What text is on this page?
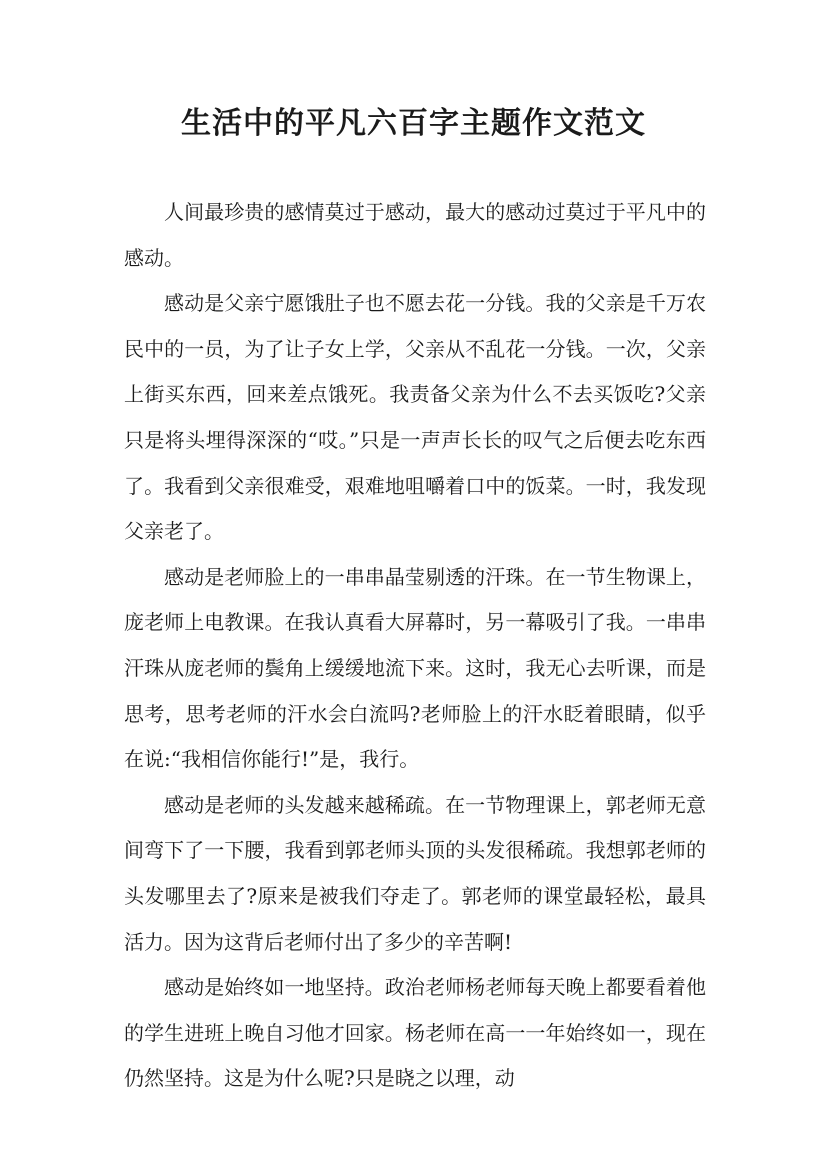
生活中的平凡六百字主题作文范文

人间最珍贵的感情莫过于感动，最大的感动过莫过于平凡中的感动。

感动是父亲宁愿饿肚子也不愿去花一分钱。我的父亲是千万农民中的一员，为了让子女上学，父亲从不乱花一分钱。一次，父亲上街买东西，回来差点饿死。我责备父亲为什么不去买饭吃?父亲只是将头埋得深深的“哎。”只是一声声长长的叹气之后便去吃东西了。我看到父亲很难受，艰难地咀嚼着口中的饭菜。一时，我发现父亲老了。

感动是老师脸上的一串串晶莹剔透的汗珠。在一节生物课上，庞老师上电教课。在我认真看大屏幕时，另一幕吸引了我。一串串汗珠从庞老师的鬓角上缓缓地流下来。这时，我无心去听课，而是思考，思考老师的汗水会白流吗?老师脸上的汗水眨着眼睛，似乎在说:“我相信你能行!”是，我行。

感动是老师的头发越来越稀疏。在一节物理课上，郭老师无意间弯下了一下腰，我看到郭老师头顶的头发很稀疏。我想郭老师的头发哪里去了?原来是被我们夺走了。郭老师的课堂最轻松，最具活力。因为这背后老师付出了多少的辛苦啊!

感动是始终如一地坚持。政治老师杨老师每天晚上都要看着他的学生进班上晚自习他才回家。杨老师在高一一年始终如一，现在仍然坚持。这是为什么呢?只是晓之以理，动
